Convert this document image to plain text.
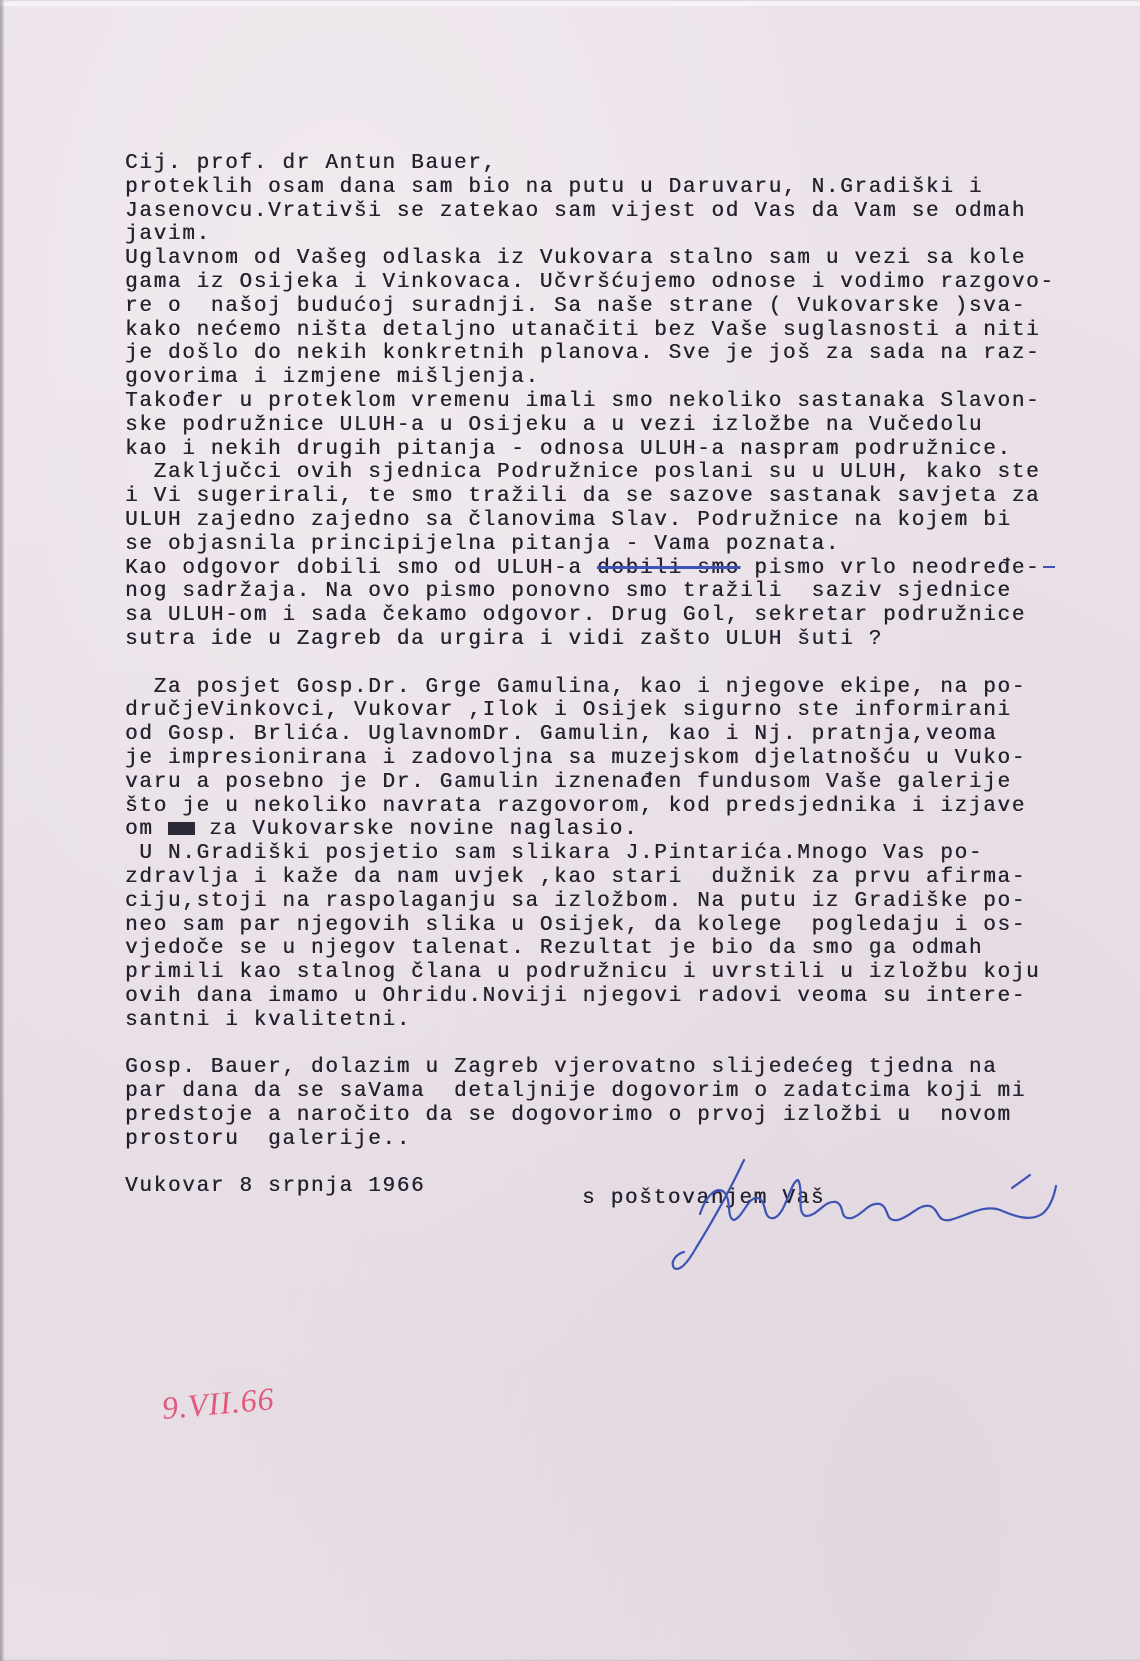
Cij. prof. dr Antun Bauer,
proteklih osam dana sam bio na putu u Daruvaru, N.Gradiški i
Jasenovcu.Vrativši se zatekao sam vijest od Vas da Vam se odmah
javim.
Uglavnom od Vašeg odlaska iz Vukovara stalno sam u vezi sa kole
gama iz Osijeka i Vinkovaca. Učvršćujemo odnose i vodimo razgovo-
re o  našoj budućoj suradnji. Sa naše strane ( Vukovarske )sva-
kako nećemo ništa detaljno utanačiti bez Vaše suglasnosti a niti
je došlo do nekih konkretnih planova. Sve je još za sada na raz-
govorima i izmjene mišljenja.
Također u proteklom vremenu imali smo nekoliko sastanaka Slavon-
ske podružnice ULUH-a u Osijeku a u vezi izložbe na Vučedolu
kao i nekih drugih pitanja - odnosa ULUH-a naspram podružnice.
Zaključci ovih sjednica Podružnice poslani su u ULUH, kako ste
i Vi sugerirali, te smo tražili da se sazove sastanak savjeta za
ULUH zajedno zajedno sa članovima Slav. Podružnice na kojem bi
se objasnila principijelna pitanja - Vama poznata.
Kao odgovor dobili smo od ULUH-a dobili smo pismo vrlo neodređe-
nog sadržaja. Na ovo pismo ponovno smo tražili  saziv sjednice
sa ULUH-om i sada čekamo odgovor. Drug Gol, sekretar podružnice
sutra ide u Zagreb da urgira i vidi zašto ULUH šuti ?
Za posjet Gosp.Dr. Grge Gamulina, kao i njegove ekipe, na po-
dručjeVinkovci, Vukovar ,Ilok i Osijek sigurno ste informirani
od Gosp. Brlića. UglavnomDr. Gamulin, kao i Nj. pratnja,veoma
je impresionirana i zadovoljna sa muzejskom djelatnošću u Vuko-
varu a posebno je Dr. Gamulin iznenađen fundusom Vaše galerije
što je u nekoliko navrata razgovorom, kod predsjednika i izjave
om  za Vukovarske novine naglasio.
U N.Gradiški posjetio sam slikara J.Pintarića.Mnogo Vas po-
zdravlja i kaže da nam uvjek ,kao stari  dužnik za prvu afirma-
ciju,stoji na raspolaganju sa izložbom. Na putu iz Gradiške po-
neo sam par njegovih slika u Osijek, da kolege  pogledaju i os-
vjedoče se u njegov talenat. Rezultat je bio da smo ga odmah
primili kao stalnog člana u podružnicu i uvrstili u izložbu koju
ovih dana imamo u Ohridu.Noviji njegovi radovi veoma su intere-
santni i kvalitetni.
Gosp. Bauer, dolazim u Zagreb vjerovatno slijedećeg tjedna na
par dana da se saVama  detaljnije dogovorim o zadatcima koji mi
predstoje a naročito da se dogovorimo o prvoj izložbi u  novom
prostoru  galerije..
Vukovar 8 srpnja 1966
s poštovanjem Vaš
9.VII.66
